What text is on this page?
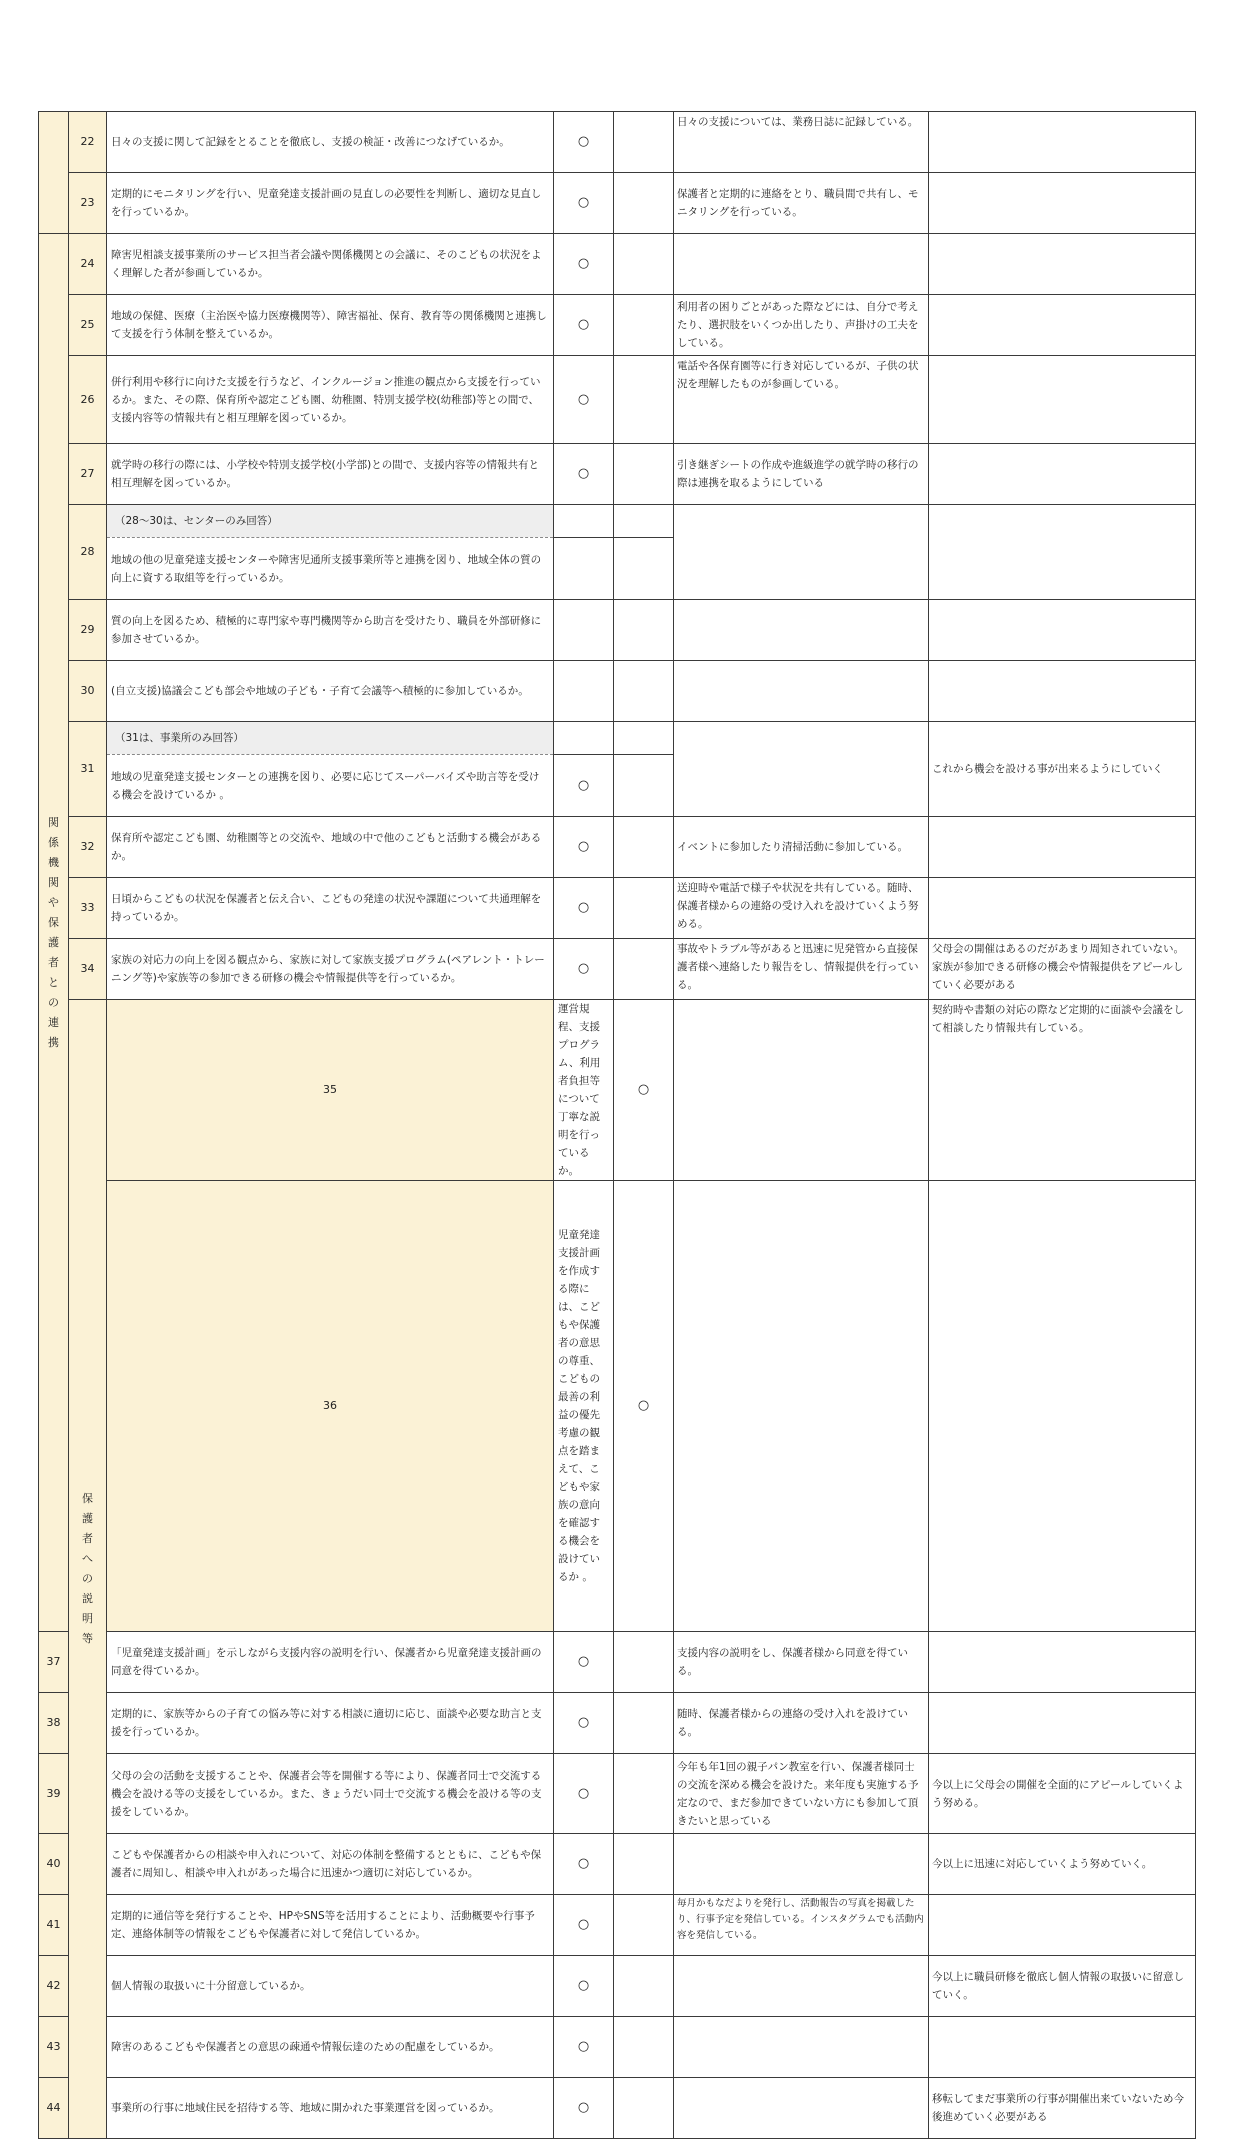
	22	日々の支援に関して記録をとることを徹底し、支援の検証・改善につなげているか。	○		日々の支援については、業務日誌に記録している。		
	23	定期的にモニタリングを行い、児童発達支援計画の見直しの必要性を判断し、適切な見直しを行っているか。	○		保護者と定期的に連絡をとり、職員間で共有し、モニタリングを行っている。		
関係機関や保護者との連携	24	障害児相談支援事業所のサービス担当者会議や関係機関との会議に、そのこどもの状況をよく理解した者が参画しているか。	○				
	25	地域の保健、医療（主治医や協力医療機関等）、障害福祉、保育、教育等の関係機関と連携して支援を行う体制を整えているか。	○		利用者の困りごとがあった際などには、自分で考えたり、選択肢をいくつか出したり、声掛けの工夫をしている。		
	26	併行利用や移行に向けた支援を行うなど、インクルージョン推進の観点から支援を行っているか。また、その際、保育所や認定こども園、幼稚園、特別支援学校(幼稚部)等との間で、支援内容等の情報共有と相互理解を図っているか。	○		電話や各保育園等に行き対応しているが、子供の状況を理解したものが参画している。		
	27	就学時の移行の際には、小学校や特別支援学校(小学部)との間で、支援内容等の情報共有と相互理解を図っているか。	○		引き継ぎシートの作成や進級進学の就学時の移行の際は連携を取るようにしている		
	28	（28～30は、センターのみ回答）					
		地域の他の児童発達支援センターや障害児通所支援事業所等と連携を図り、地域全体の質の向上に資する取組等を行っているか。					
	29	質の向上を図るため、積極的に専門家や専門機関等から助言を受けたり、職員を外部研修に参加させているか。					
	30	(自立支援)協議会こども部会や地域の子ども・子育て会議等へ積極的に参加しているか。					
	31	（31は、事業所のみ回答）				これから機会を設ける事が出来るようにしていく	
		地域の児童発達支援センターとの連携を図り、必要に応じてスーパーバイズや助言等を受ける機会を設けているか 。	○				
	32	保育所や認定こども園、幼稚園等との交流や、地域の中で他のこどもと活動する機会があるか。	○		イベントに参加したり清掃活動に参加している。		
	33	日頃からこどもの状況を保護者と伝え合い、こどもの発達の状況や課題について共通理解を持っているか。	○		送迎時や電話で様子や状況を共有している。随時、保護者様からの連絡の受け入れを設けていくよう努める。		
	34	家族の対応力の向上を図る観点から、家族に対して家族支援プログラム(ペアレント・トレーニング等)や家族等の参加できる研修の機会や情報提供等を行っているか。	○		事故やトラブル等があると迅速に児発管から直接保護者様へ連絡したり報告をし、情報提供を行っている。	父母会の開催はあるのだがあまり周知されていない。家族が参加できる研修の機会や情報提供をアピールしていく必要がある	
	保護者への説明等	35	運営規程、支援プログラム、利用者負担等について丁寧な説明を行っているか。	○		契約時や書類の対応の際など定期的に面談や会議をして相談したり情報共有している。	
		36	児童発達支援計画を作成する際には、こどもや保護者の意思の尊重、こどもの最善の利益の優先考慮の観点を踏まえて、こどもや家族の意向を確認する機会を設けているか 。	○			
37		「児童発達支援計画」を示しながら支援内容の説明を行い、保護者から児童発達支援計画の同意を得ているか。	○		支援内容の説明をし、保護者様から同意を得ている。		
38		定期的に、家族等からの子育ての悩み等に対する相談に適切に応じ、面談や必要な助言と支援を行っているか。	○		随時、保護者様からの連絡の受け入れを設けている。		
39		父母の会の活動を支援することや、保護者会等を開催する等により、保護者同士で交流する機会を設ける等の支援をしているか。また、きょうだい同士で交流する機会を設ける等の支援をしているか。	○		今年も年1回の親子パン教室を行い、保護者様同士の交流を深める機会を設けた。来年度も実施する予定なので、まだ参加できていない方にも参加して頂きたいと思っている	今以上に父母会の開催を全面的にアピールしていくよう努める。	
40		こどもや保護者からの相談や申入れについて、対応の体制を整備するとともに、こどもや保護者に周知し、相談や申入れがあった場合に迅速かつ適切に対応しているか。	○			今以上に迅速に対応していくよう努めていく。	
41		定期的に通信等を発行することや、HPやSNS等を活用することにより、活動概要や行事予定、連絡体制等の情報をこどもや保護者に対して発信しているか。	○		毎月かもなだよりを発行し、活動報告の写真を掲載したり、行事予定を発信している。インスタグラムでも活動内容を発信している。		
42		個人情報の取扱いに十分留意しているか。	○			今以上に職員研修を徹底し個人情報の取扱いに留意していく。	
43		障害のあるこどもや保護者との意思の疎通や情報伝達のための配慮をしているか。	○				
44		事業所の行事に地域住民を招待する等、地域に開かれた事業運営を図っているか。	○			移転してまだ事業所の行事が開催出来ていないため今後進めていく必要がある	
